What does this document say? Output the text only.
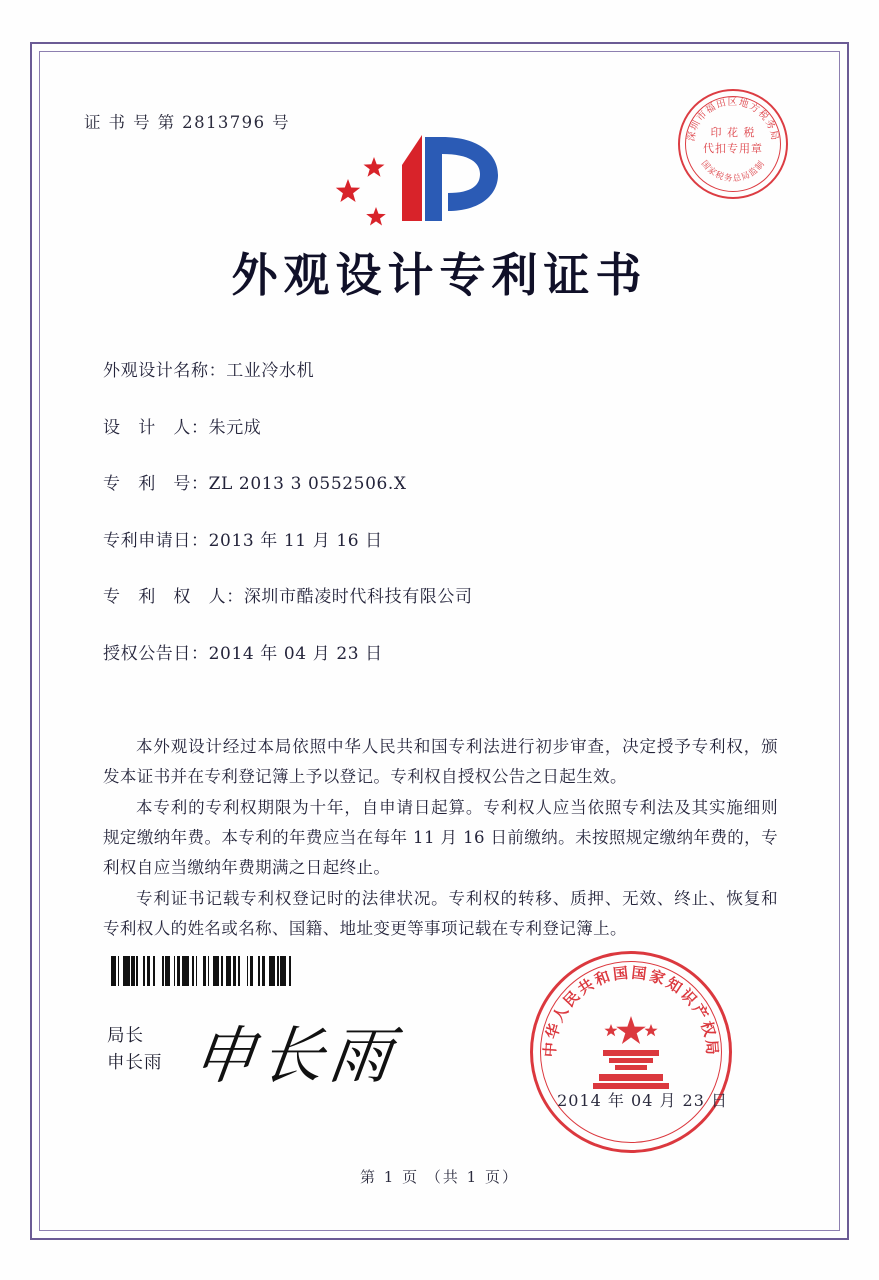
证 书 号 第 2813796 号
深圳市福田区地方税务局
国家税务总局监制
印 花 税
代扣专用章
外观设计专利证书
外观设计名称： 工业冷水机
设　计　人： 朱元成
专　利　号： ZL 2013 3 0552506.X
专利申请日： 2013 年 11 月 16 日
专　利　权　人： 深圳市酷凌时代科技有限公司
授权公告日： 2014 年 04 月 23 日

本外观设计经过本局依照中华人民共和国专利法进行初步审查，决定授予专利权，颁发本证书并在专利登记簿上予以登记。专利权自授权公告之日起生效。

本专利的专利权期限为十年，自申请日起算。专利权人应当依照专利法及其实施细则规定缴纳年费。本专利的年费应当在每年 11 月 16 日前缴纳。未按照规定缴纳年费的，专利权自应当缴纳年费期满之日起终止。

专利证书记载专利权登记时的法律状况。专利权的转移、质押、无效、终止、恢复和专利权人的姓名或名称、国籍、地址变更等事项记载在专利登记簿上。

局长
申长雨 申长雨	中华人民共和国国家知识产权局
2014 年 04 月 23 日
第 1 页 （共 1 页）
